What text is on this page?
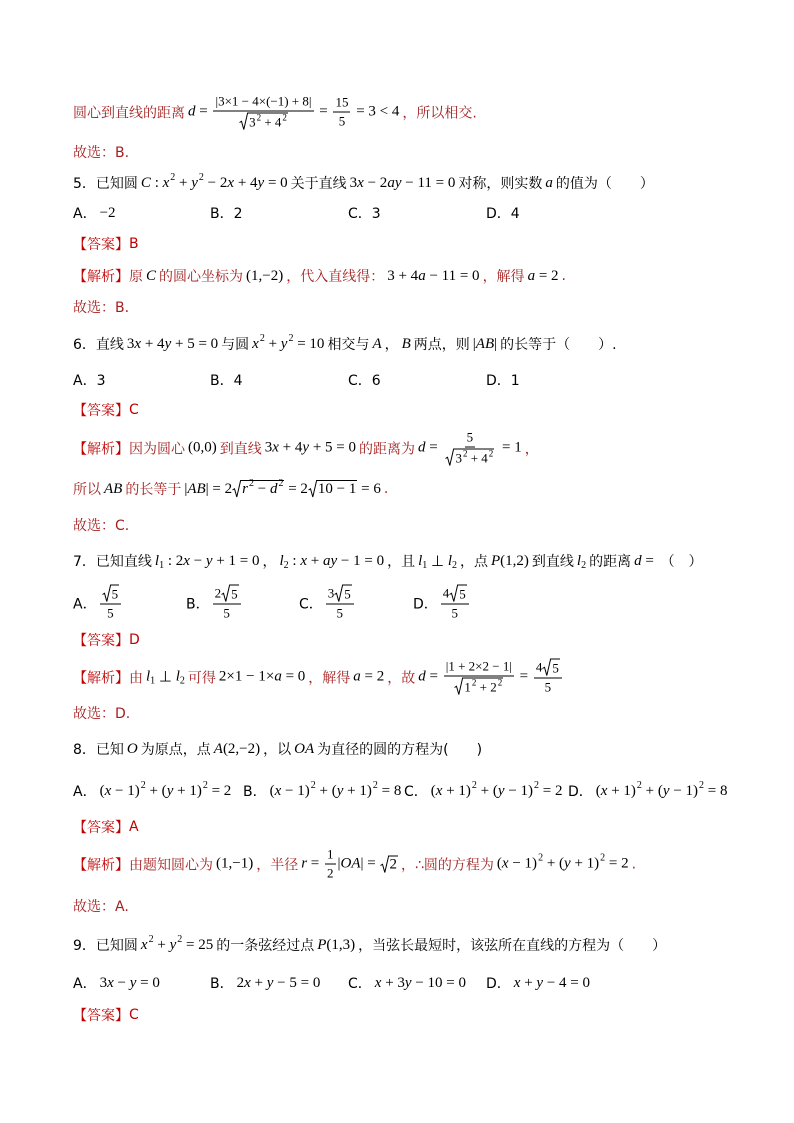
圆心到直线的距离 $d = \frac{|3\times 1 - 4\times(-1) + 8|}{3 2 + 4 2} = \frac{15}{5} = 3 < 4$ ，所以相交.
故选：B.
5．已知圆 C : x 2 + y 2 − 2 x + 4 y = 0 关于直线 3 x − 2 ay − 11 = 0 对称，则实数 a 的值为（　　）
A． −2	B．2	C．3	D．4
【答案】 B
【解析】 原 C 的圆心坐标为 (1,−2) ，代入直线得： 3 + 4 a − 11 = 0 ，解得 a = 2 .
故选：B.
6．直线 3 x + 4 y + 5 = 0 与圆 x 2 + y 2 = 10 相交与 A ， B 两点，则 | AB | 的长等于（　　）.
A．3	B．4	C．6	D．1
【答案】 C
【解析】 因为圆心 (0,0) 到直线 3 x + 4 y + 5 = 0 的距离为 $d = \frac{5}{3 2 + 4 2} = 1$ ，
所以 AB 的长等于 | AB | = 2 r 2 − d 2 = 2 10 − 1 = 6 .
故选：C.
7．已知直线 l 1 : 2 x − y + 1 = 0 ， l 2 : x + ay − 1 = 0 ，且 l 1 ⊥ l 2 ，点 P (1,2) 到直线 l 2 的距离 d = （　）
A． $\frac{5}{5}$	B． $\frac{2 5}{5}$	C． $\frac{3 5}{5}$	D． $\frac{4 5}{5}$
【答案】 D
【解析】 由 l 1 ⊥ l 2 可得 2×1 − 1× a = 0 ，解得 a = 2 ，故 $d = \frac{|1 + 2\times 2 - 1|}{1 2 + 2 2} = \frac{4 5}{5}$
故选：D.
8．已知 O 为原点，点 A (2,−2) ，以 OA 为直径的圆的方程为(　　)
A． ( x − 1) 2 + ( y + 1) 2 = 2 B． ( x − 1) 2 + ( y + 1) 2 = 8 C． ( x + 1) 2 + ( y − 1) 2 = 2 D． ( x + 1) 2 + ( y − 1) 2 = 8
【答案】 A
【解析】 由题知圆心为 (1,−1) ，半径 $r = \frac{1}{2}$ | OA | = 2 ，∴圆的方程为 ( x − 1) 2 + ( y + 1) 2 = 2 .
故选：A.
9．已知圆 x 2 + y 2 = 25 的一条弦经过点 P (1,3) ，当弦长最短时，该弦所在直线的方程为（　　）
A． 3 x − y = 0	B． 2 x + y − 5 = 0 C． x + 3 y − 10 = 0 D． x + y − 4 = 0
【答案】 C
